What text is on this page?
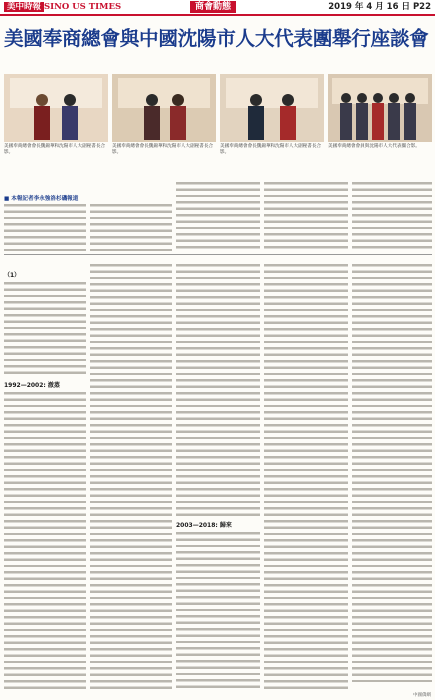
美中時報 SINO US TIMES	商會動態	2019 年 4 月 16 日 P22
美國奉商總會與中國沈陽市人大代表團舉行座談會
美國奉商總會會長魏錦華和沈陽市人大副秘書長合影。
美國奉商總會會長魏錦華和沈陽市人大副秘書長合影。
美國奉商總會會長魏錦華和沈陽市人大副秘書長合影。
美國奉商總會會員與沈陽市人大代表團合影。
■ 本報記者李永強洛杉磯報道
（1）
1992—2002: 澈蒸
2003—2018: 歸來
中國僑網
